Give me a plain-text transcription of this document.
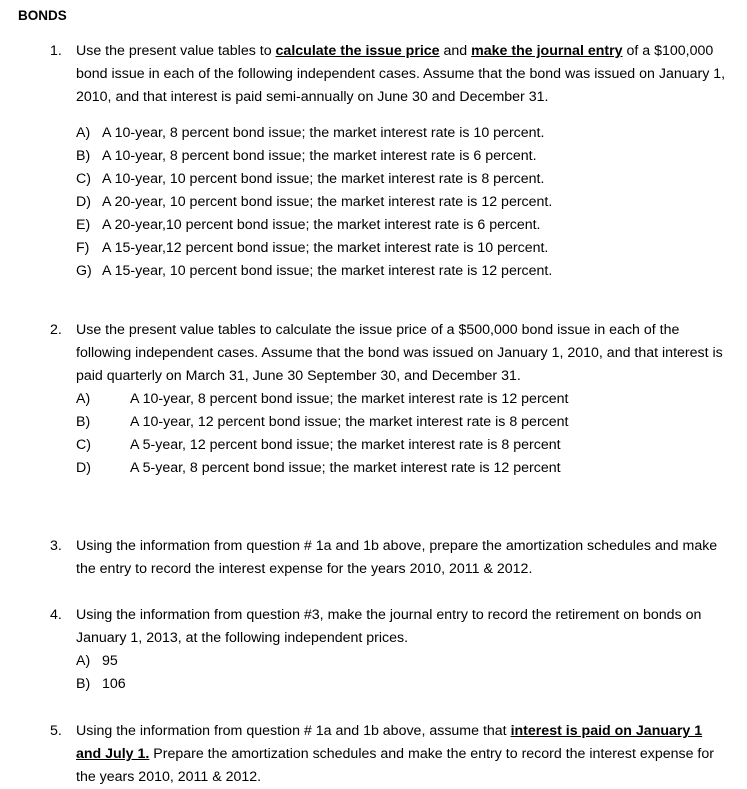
BONDS
1. Use the present value tables to calculate the issue price and make the journal entry of a $100,000 bond issue in each of the following independent cases. Assume that the bond was issued on January 1, 2010, and that interest is paid semi-annually on June 30 and December 31.

A) A 10-year, 8 percent bond issue; the market interest rate is 10 percent.
B) A 10-year, 8 percent bond issue; the market interest rate is 6 percent.
C) A 10-year, 10 percent bond issue; the market interest rate is 8 percent.
D) A 20-year, 10 percent bond issue; the market interest rate is 12 percent.
E) A 20-year,10 percent bond issue; the market interest rate is 6 percent.
F) A 15-year,12 percent bond issue; the market interest rate is 10 percent.
G) A 15-year, 10 percent bond issue; the market interest rate is 12 percent.
2. Use the present value tables to calculate the issue price of a $500,000 bond issue in each of the following independent cases. Assume that the bond was issued on January 1, 2010, and that interest is paid quarterly on March 31, June 30 September 30, and December 31.

A)	A 10-year, 8 percent bond issue; the market interest rate is 12 percent
B)	A 10-year, 12 percent bond issue; the market interest rate is 8 percent
C)	A 5-year, 12 percent bond issue; the market interest rate is 8 percent
D)	A 5-year, 8 percent bond issue; the market interest rate is 12 percent
3. Using the information from question # 1a and 1b above, prepare the amortization schedules and make the entry to record the interest expense for the years 2010, 2011 & 2012.

4. Using the information from question #3, make the journal entry to record the retirement on bonds on January 1, 2013, at the following independent prices.

A) 95
B) 106
5. Using the information from question # 1a and 1b above, assume that interest is paid on January 1 and July 1. Prepare the amortization schedules and make the entry to record the interest expense for the years 2010, 2011 & 2012.
